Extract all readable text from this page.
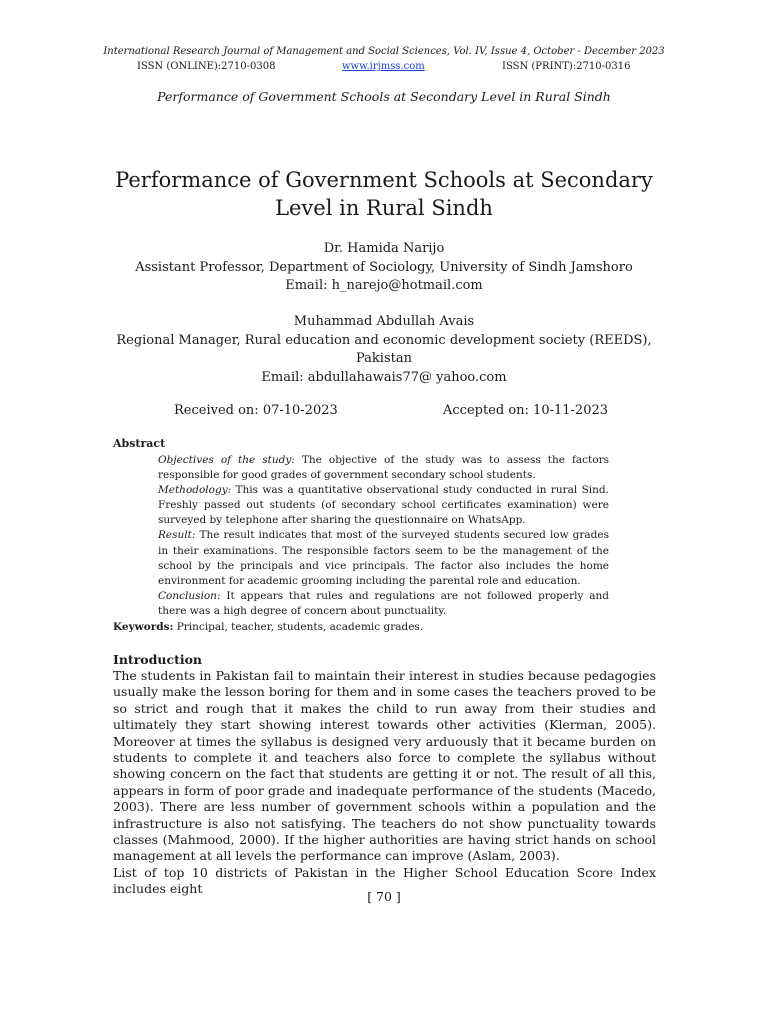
International Research Journal of Management and Social Sciences, Vol. IV, Issue 4, October - December 2023
ISSN (ONLINE):2710-0308	www.irjmss.com	ISSN (PRINT):2710-0316
Performance of Government Schools at Secondary Level in Rural Sindh
Performance of Government Schools at Secondary Level in Rural Sindh
Dr. Hamida Narijo
Assistant Professor, Department of Sociology, University of Sindh Jamshoro
Email: h_narejo@hotmail.com
Muhammad Abdullah Avais
Regional Manager, Rural education and economic development society (REEDS),
Pakistan
Email: abdullahawais77@ yahoo.com
Received on: 07-10-2023	Accepted on: 10-11-2023
Abstract

Objectives of the study: The objective of the study was to assess the factors responsible for good grades of government secondary school students.

Methodology: This was a quantitative observational study conducted in rural Sind. Freshly passed out students (of secondary school certificates examination) were surveyed by telephone after sharing the questionnaire on WhatsApp.

Result: The result indicates that most of the surveyed students secured low grades in their examinations. The responsible factors seem to be the management of the school by the principals and vice principals. The factor also includes the home environment for academic grooming including the parental role and education.

Conclusion: It appears that rules and regulations are not followed properly and there was a high degree of concern about punctuality.

Keywords: Principal, teacher, students, academic grades.
Introduction

The students in Pakistan fail to maintain their interest in studies because pedagogies usually make the lesson boring for them and in some cases the teachers proved to be so strict and rough that it makes the child to run away from their studies and ultimately they start showing interest towards other activities (Klerman, 2005). Moreover at times the syllabus is designed very arduously that it became burden on students to complete it and teachers also force to complete the syllabus without showing concern on the fact that students are getting it or not. The result of all this, appears in form of poor grade and inadequate performance of the students (Macedo, 2003). There are less number of government schools within a population and the infrastructure is also not satisfying. The teachers do not show punctuality towards classes (Mahmood, 2000). If the higher authorities are having strict hands on school management at all levels the performance can improve (Aslam, 2003).

List of top 10 districts of Pakistan in the Higher School Education Score Index includes eight

[ 70 ]
